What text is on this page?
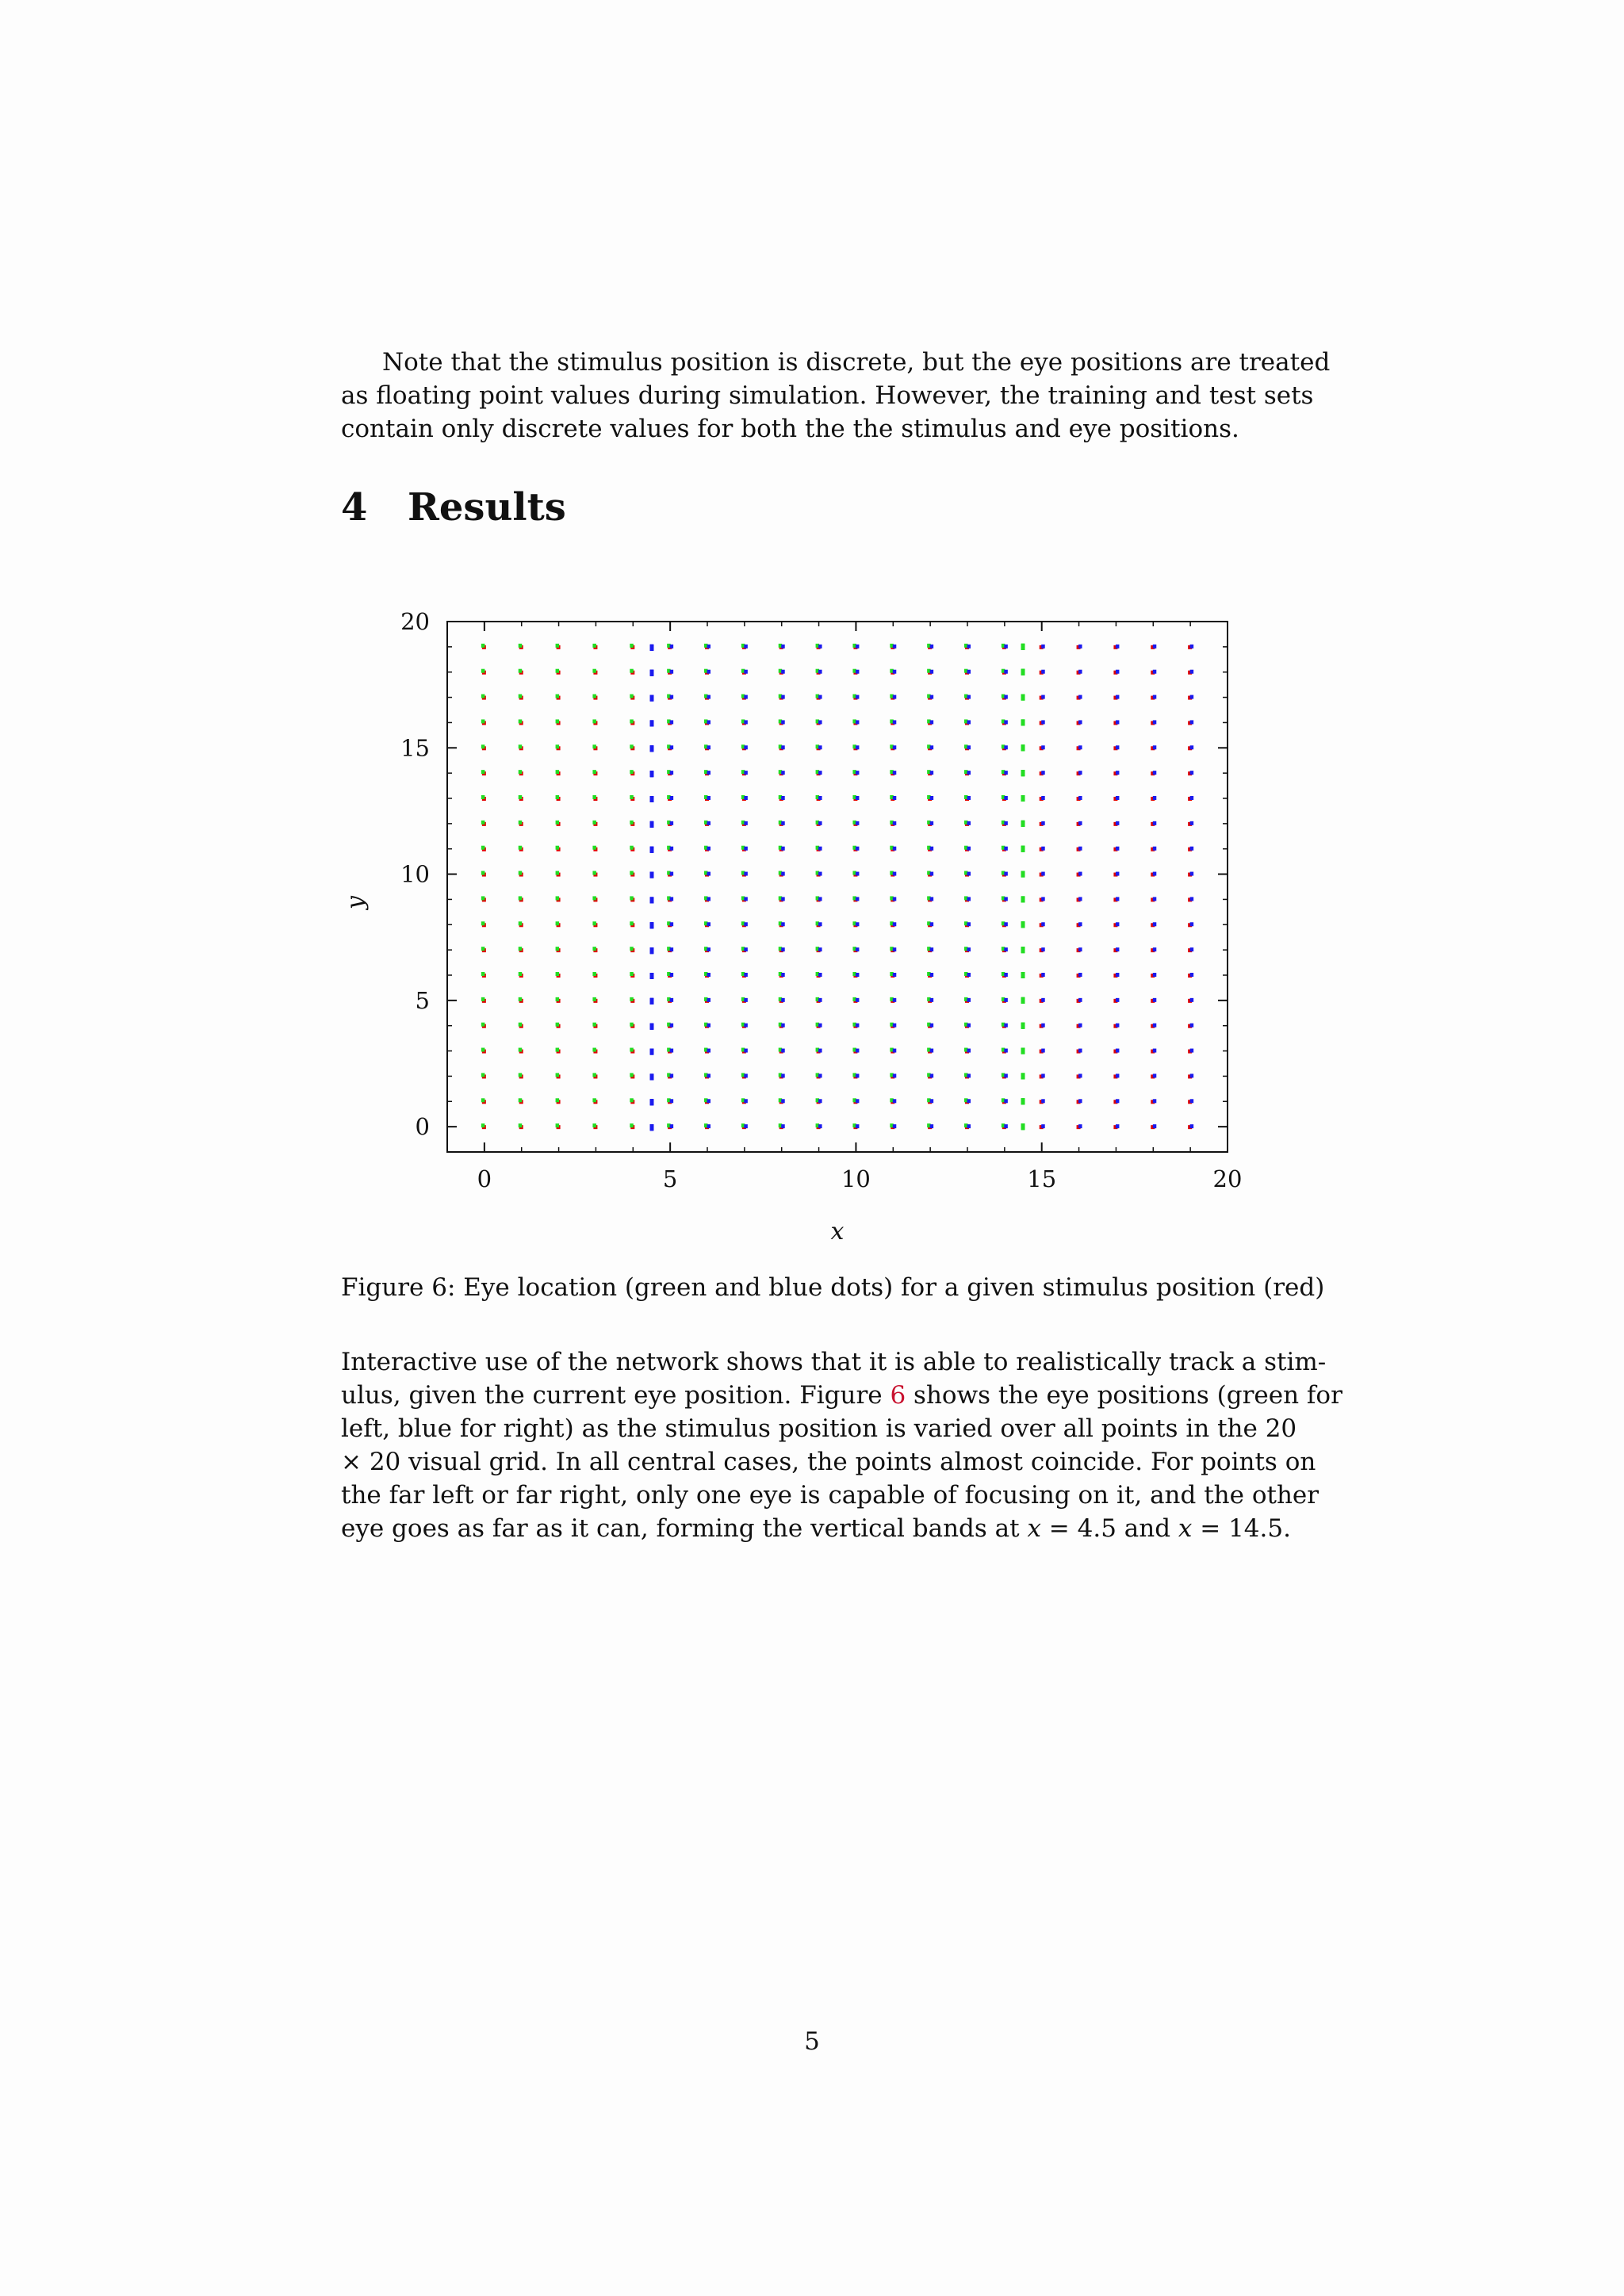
Note that the stimulus position is discrete, but the eye positions are treated
as floating point values during simulation. However, the training and test sets
contain only discrete values for both the the stimulus and eye positions.

4 Results
0	5	10	15	20
0
5
10
15
20
x
y

Figure 6: Eye location (green and blue dots) for a given stimulus position (red)

Interactive use of the network shows that it is able to realistically track a stim-
ulus, given the current eye position. Figure 6 shows the eye positions (green for
left, blue for right) as the stimulus position is varied over all points in the 20
× 20 visual grid. In all central cases, the points almost coincide. For points on
the far left or far right, only one eye is capable of focusing on it, and the other
eye goes as far as it can, forming the vertical bands at x = 4.5 and x = 14.5.

5
